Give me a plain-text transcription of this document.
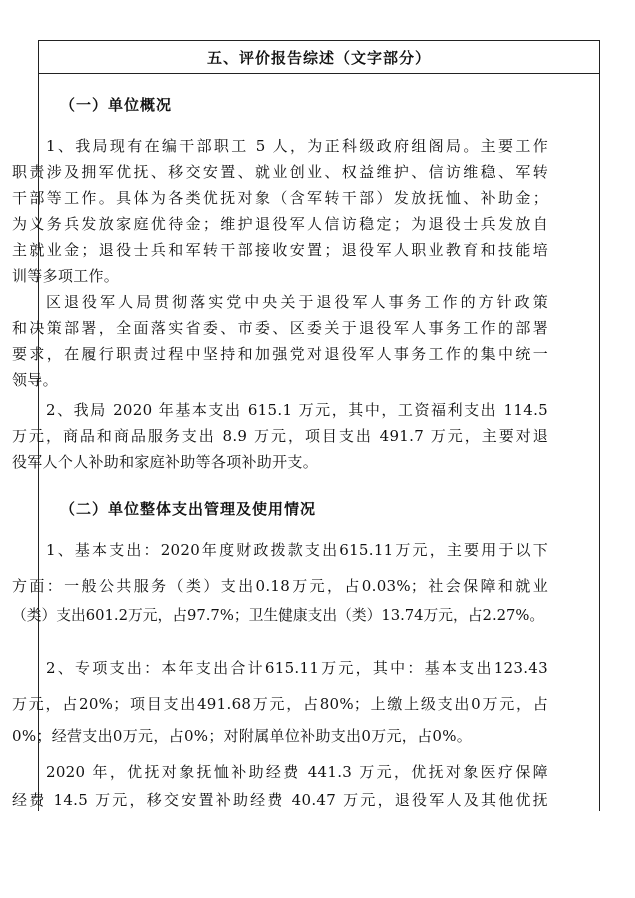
五、评价报告综述（文字部分）
（一）单位概况
1、我局现有在编干部职工 5 人，为正科级政府组阁局。主要工作
职责涉及拥军优抚、移交安置、就业创业、权益维护、信访维稳、军转
干部等工作。具体为各类优抚对象（含军转干部）发放抚恤、补助金；
为义务兵发放家庭优待金；维护退役军人信访稳定；为退役士兵发放自
主就业金；退役士兵和军转干部接收安置；退役军人职业教育和技能培
训等多项工作。
区退役军人局贯彻落实党中央关于退役军人事务工作的方针政策
和决策部署，全面落实省委、市委、区委关于退役军人事务工作的部署
要求，在履行职责过程中坚持和加强党对退役军人事务工作的集中统一
领导。
2、我局 2020 年基本支出 615.1 万元，其中，工资福利支出 114.5
万元，商品和商品服务支出 8.9 万元，项目支出 491.7 万元，主要对退
役军人个人补助和家庭补助等各项补助开支。
（二）单位整体支出管理及使用情况
1、基本支出：2020年度财政拨款支出615.11万元，主要用于以下
方面：一般公共服务（类）支出0.18万元，占0.03%；社会保障和就业
（类）支出601.2万元，占97.7%；卫生健康支出（类）13.74万元，占2.27%。
2、专项支出：本年支出合计615.11万元，其中：基本支出123.43
万元，占20%；项目支出491.68万元，占80%；上缴上级支出0万元，占
0%；经营支出0万元，占0%；对附属单位补助支出0万元，占0%。
2020 年，优抚对象抚恤补助经费 441.3 万元，优抚对象医疗保障
经费 14.5 万元，移交安置补助经费 40.47 万元，退役军人及其他优抚
